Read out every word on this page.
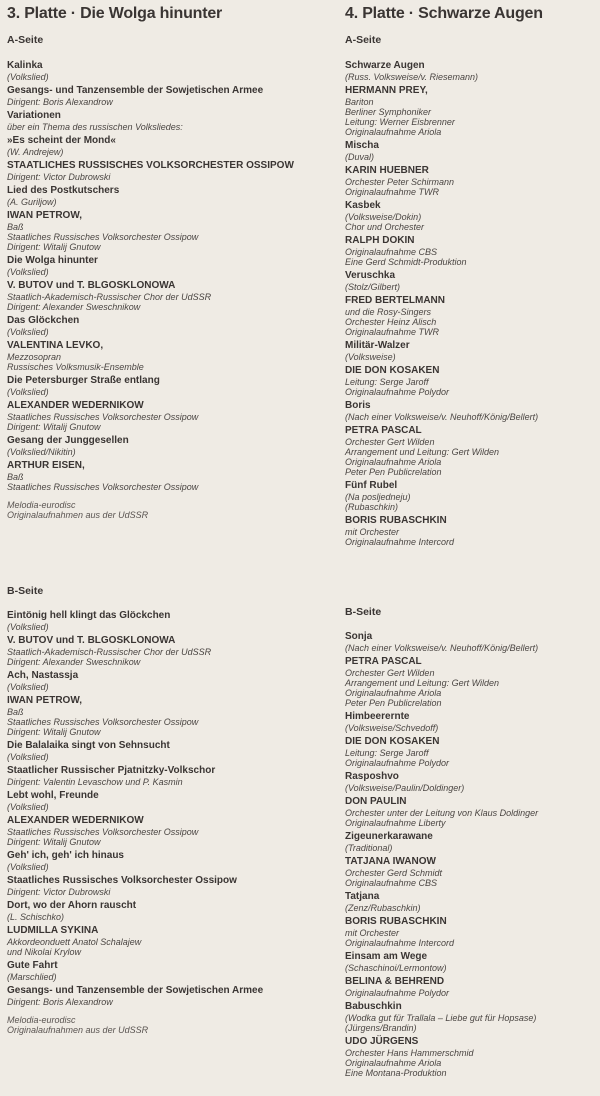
3. Platte · Die Wolga hinunter
A-Seite
Kalinka
(Volkslied)
Gesangs- und Tanzensemble der Sowjetischen Armee
Dirigent: Boris Alexandrow
Variationen
über ein Thema des russischen Volksliedes:
»Es scheint der Mond«
(W. Andrejew)
STAATLICHES RUSSISCHES VOLKSORCHESTER OSSIPOW
Dirigent: Victor Dubrowski
Lied des Postkutschers
(A. Guriljow)
IWAN PETROW,
Baß
Staatliches Russisches Volksorchester Ossipow
Dirigent: Witalij Gnutow
Die Wolga hinunter
(Volkslied)
V. BUTOV und T. BLGOSKLONOWA
Staatlich-Akademisch-Russischer Chor der UdSSR
Dirigent: Alexander Sweschnikow
Das Glöckchen
(Volkslied)
VALENTINA LEVKO,
Mezzosopran
Russisches Volksmusik-Ensemble
Die Petersburger Straße entlang
(Volkslied)
ALEXANDER WEDERNIKOW
Staatliches Russisches Volksorchester Ossipow
Dirigent: Witalij Gnutow
Gesang der Junggesellen
(Volkslied/Nikitin)
ARTHUR EISEN,
Baß
Staatliches Russisches Volksorchester Ossipow
Melodia-eurodisc
Originalaufnahmen aus der UdSSR
B-Seite
Eintönig hell klingt das Glöckchen
(Volkslied)
V. BUTOV und T. BLGOSKLONOWA
Staatlich-Akademisch-Russischer Chor der UdSSR
Dirigent: Alexander Sweschnikow
Ach, Nastassja
(Volkslied)
IWAN PETROW,
Baß
Staatliches Russisches Volksorchester Ossipow
Dirigent: Witalij Gnutow
Die Balalaika singt von Sehnsucht
(Volkslied)
Staatlicher Russischer Pjatnitzky-Volkschor
Dirigent: Valentin Levaschow und P. Kasmin
Lebt wohl, Freunde
(Volkslied)
ALEXANDER WEDERNIKOW
Staatliches Russisches Volksorchester Ossipow
Dirigent: Witalij Gnutow
Geh' ich, geh' ich hinaus
(Volkslied)
Staatliches Russisches Volksorchester Ossipow
Dirigent: Victor Dubrowski
Dort, wo der Ahorn rauscht
(L. Schischko)
LUDMILLA SYKINA
Akkordeonduett Anatol Schalajew
und Nikolai Krylow
Gute Fahrt
(Marschlied)
Gesangs- und Tanzensemble der Sowjetischen Armee
Dirigent: Boris Alexandrow
Melodia-eurodisc
Originalaufnahmen aus der UdSSR
4. Platte · Schwarze Augen
A-Seite
Schwarze Augen
(Russ. Volksweise/v. Riesemann)
HERMANN PREY,
Bariton
Berliner Symphoniker
Leitung: Werner Eisbrenner
Originalaufnahme Ariola
Mischa
(Duval)
KARIN HUEBNER
Orchester Peter Schirmann
Originalaufnahme TWR
Kasbek
(Volksweise/Dokin)
Chor und Orchester
RALPH DOKIN
Originalaufnahme CBS
Eine Gerd Schmidt-Produktion
Veruschka
(Stolz/Gilbert)
FRED BERTELMANN
und die Rosy-Singers
Orchester Heinz Alisch
Originalaufnahme TWR
Militär-Walzer
(Volksweise)
DIE DON KOSAKEN
Leitung: Serge Jaroff
Originalaufnahme Polydor
Boris
(Nach einer Volksweise/v. Neuhoff/König/Bellert)
PETRA PASCAL
Orchester Gert Wilden
Arrangement und Leitung: Gert Wilden
Originalaufnahme Ariola
Peter Pen Publicrelation
Fünf Rubel
(Na posljedneju)
(Rubaschkin)
BORIS RUBASCHKIN
mit Orchester
Originalaufnahme Intercord
B-Seite
Sonja
(Nach einer Volksweise/v. Neuhoff/König/Bellert)
PETRA PASCAL
Orchester Gert Wilden
Arrangement und Leitung: Gert Wilden
Originalaufnahme Ariola
Peter Pen Publicrelation
Himbeerernte
(Volksweise/Schvedoff)
DIE DON KOSAKEN
Leitung: Serge Jaroff
Originalaufnahme Polydor
Rasposhvo
(Volksweise/Paulin/Doldinger)
DON PAULIN
Orchester unter der Leitung von Klaus Doldinger
Originalaufnahme Liberty
Zigeunerkarawane
(Traditional)
TATJANA IWANOW
Orchester Gerd Schmidt
Originalaufnahme CBS
Tatjana
(Zenz/Rubaschkin)
BORIS RUBASCHKIN
mit Orchester
Originalaufnahme Intercord
Einsam am Wege
(Schaschinoi/Lermontow)
BELINA & BEHREND
Originalaufnahme Polydor
Babuschkin
(Wodka gut für Trallala – Liebe gut für Hopsase)
(Jürgens/Brandin)
UDO JÜRGENS
Orchester Hans Hammerschmid
Originalaufnahme Ariola
Eine Montana-Produktion
